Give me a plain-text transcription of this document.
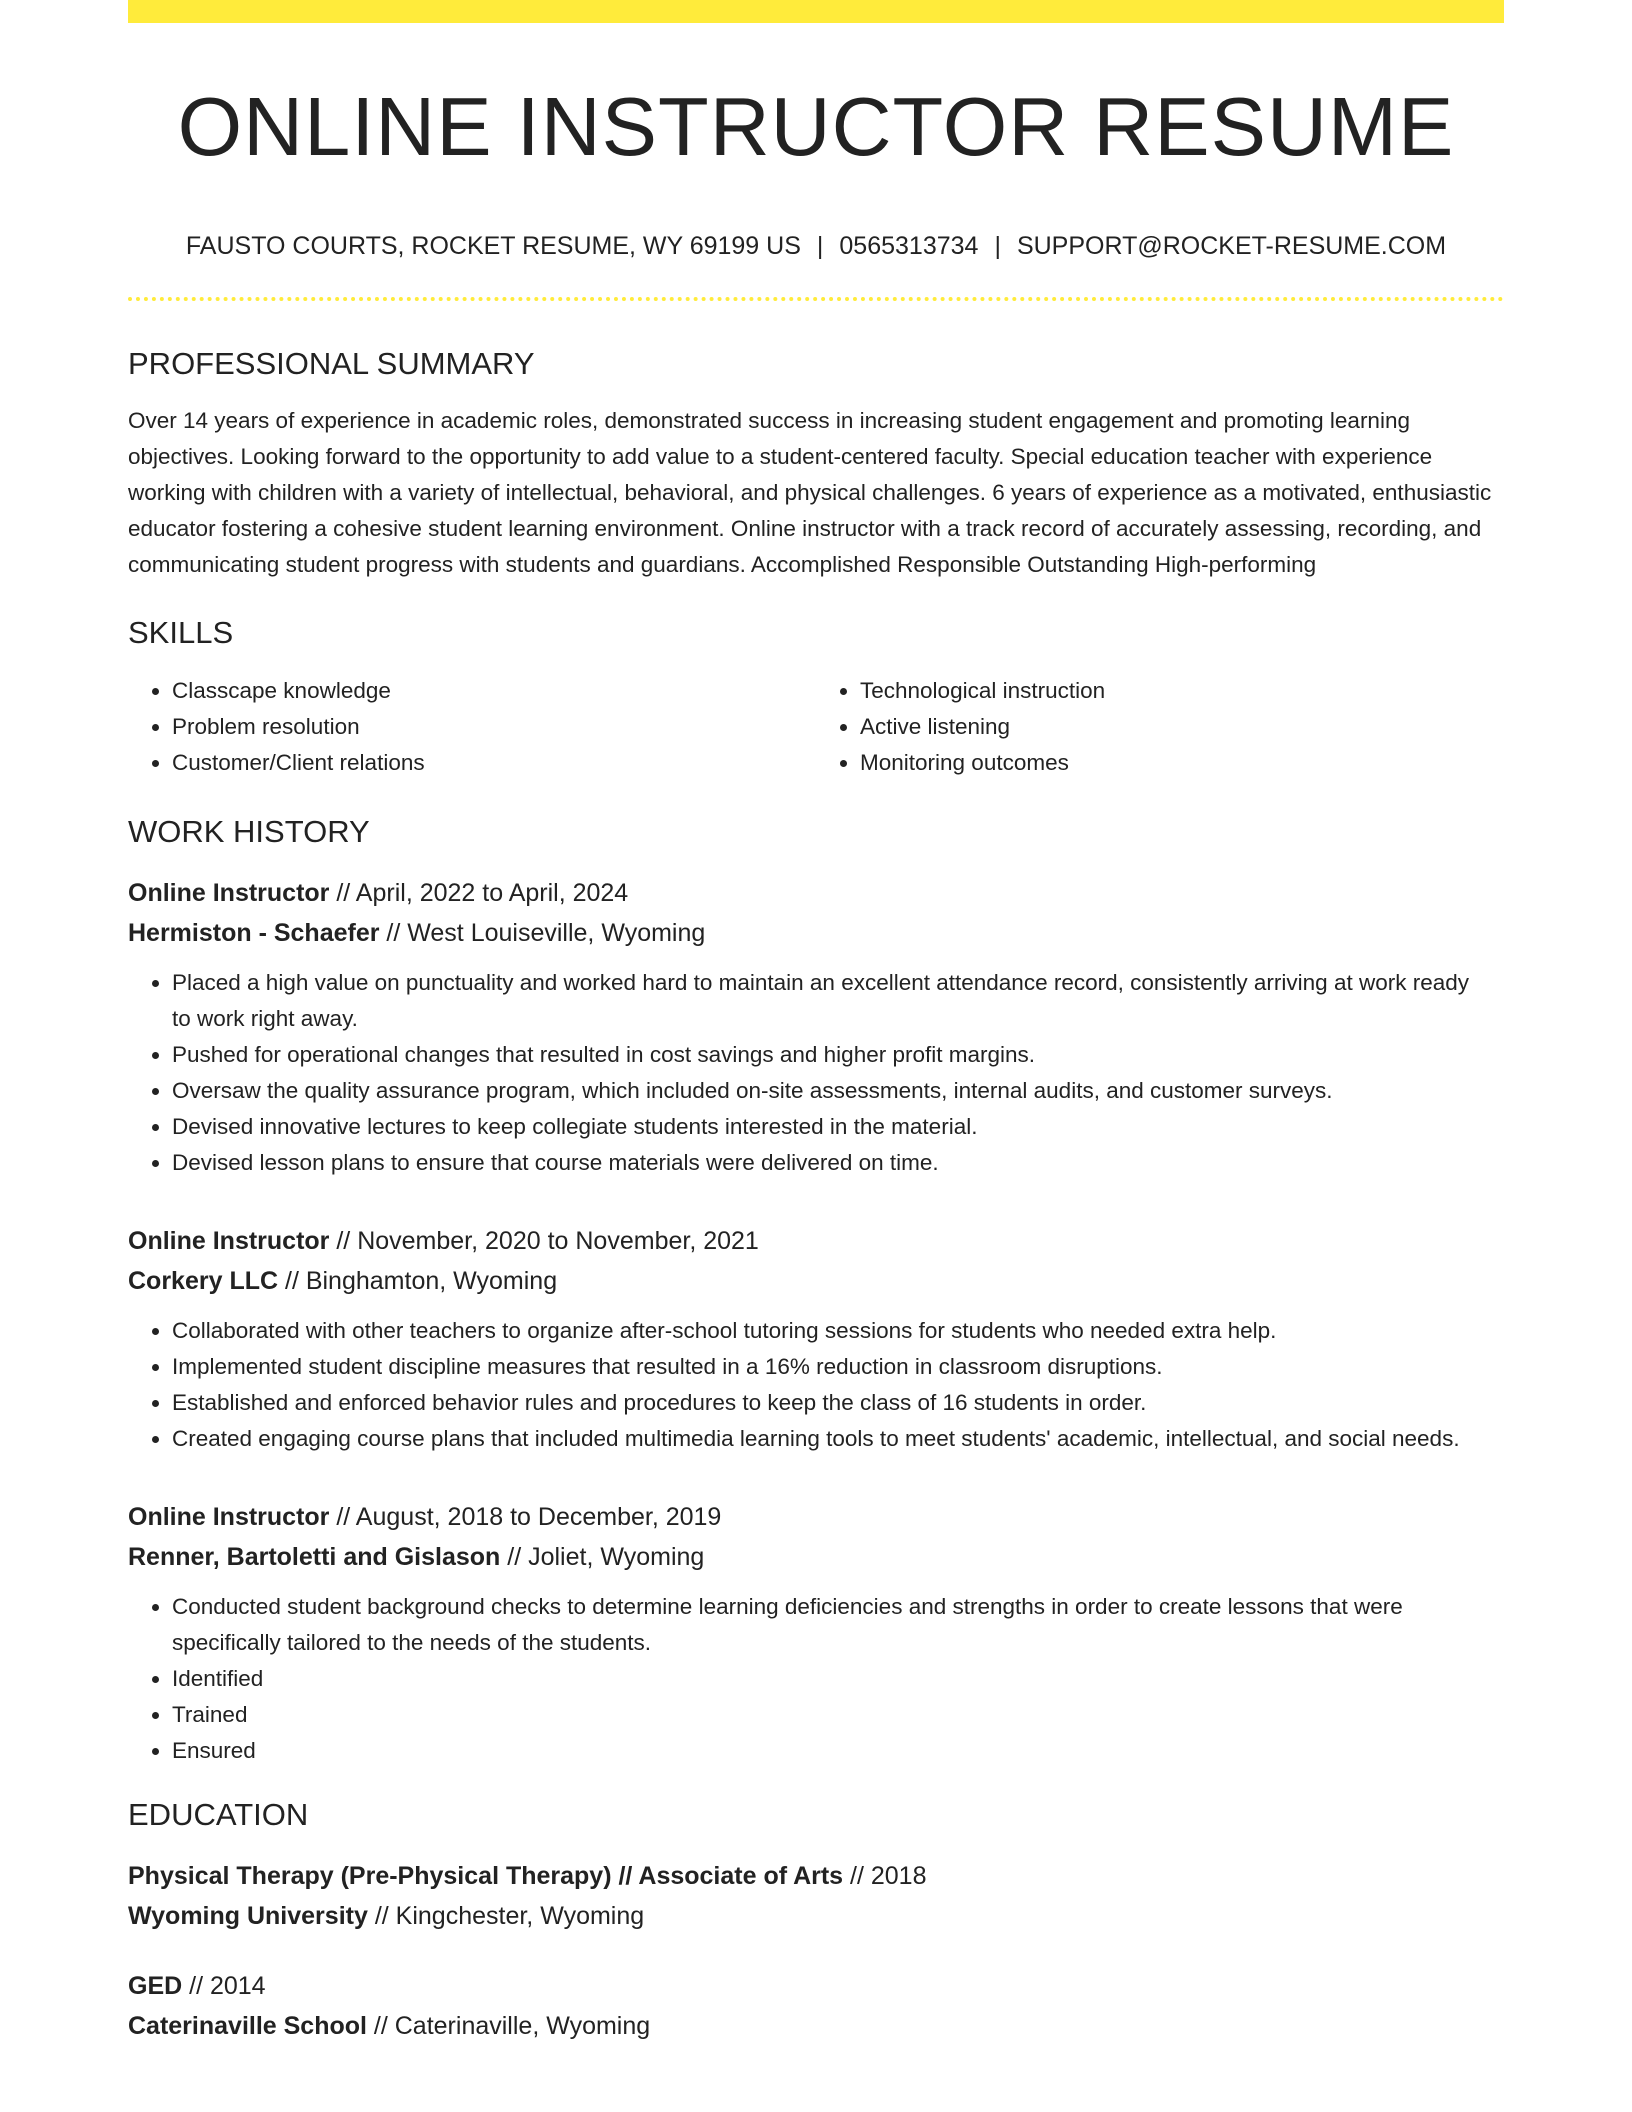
ONLINE INSTRUCTOR RESUME
FAUSTO COURTS, ROCKET RESUME, WY 69199 US | 0565313734 | SUPPORT@ROCKET-RESUME.COM
PROFESSIONAL SUMMARY
Over 14 years of experience in academic roles, demonstrated success in increasing student engagement and promoting learning objectives. Looking forward to the opportunity to add value to a student-centered faculty. Special education teacher with experience working with children with a variety of intellectual, behavioral, and physical challenges. 6 years of experience as a motivated, enthusiastic educator fostering a cohesive student learning environment. Online instructor with a track record of accurately assessing, recording, and communicating student progress with students and guardians. Accomplished Responsible Outstanding High-performing
SKILLS
• Classcape knowledge
• Problem resolution
• Customer/Client relations
• Technological instruction
• Active listening
• Monitoring outcomes
WORK HISTORY
Online Instructor // April, 2022 to April, 2024
Hermiston - Schaefer // West Louiseville, Wyoming
• Placed a high value on punctuality and worked hard to maintain an excellent attendance record, consistently arriving at work ready to work right away.
• Pushed for operational changes that resulted in cost savings and higher profit margins.
• Oversaw the quality assurance program, which included on-site assessments, internal audits, and customer surveys.
• Devised innovative lectures to keep collegiate students interested in the material.
• Devised lesson plans to ensure that course materials were delivered on time.
Online Instructor // November, 2020 to November, 2021
Corkery LLC // Binghamton, Wyoming
• Collaborated with other teachers to organize after-school tutoring sessions for students who needed extra help.
• Implemented student discipline measures that resulted in a 16% reduction in classroom disruptions.
• Established and enforced behavior rules and procedures to keep the class of 16 students in order.
• Created engaging course plans that included multimedia learning tools to meet students' academic, intellectual, and social needs.
Online Instructor // August, 2018 to December, 2019
Renner, Bartoletti and Gislason // Joliet, Wyoming
• Conducted student background checks to determine learning deficiencies and strengths in order to create lessons that were specifically tailored to the needs of the students.
• Identified
• Trained
• Ensured
EDUCATION
Physical Therapy (Pre-Physical Therapy) // Associate of Arts // 2018
Wyoming University // Kingchester, Wyoming
GED // 2014
Caterinaville School // Caterinaville, Wyoming
